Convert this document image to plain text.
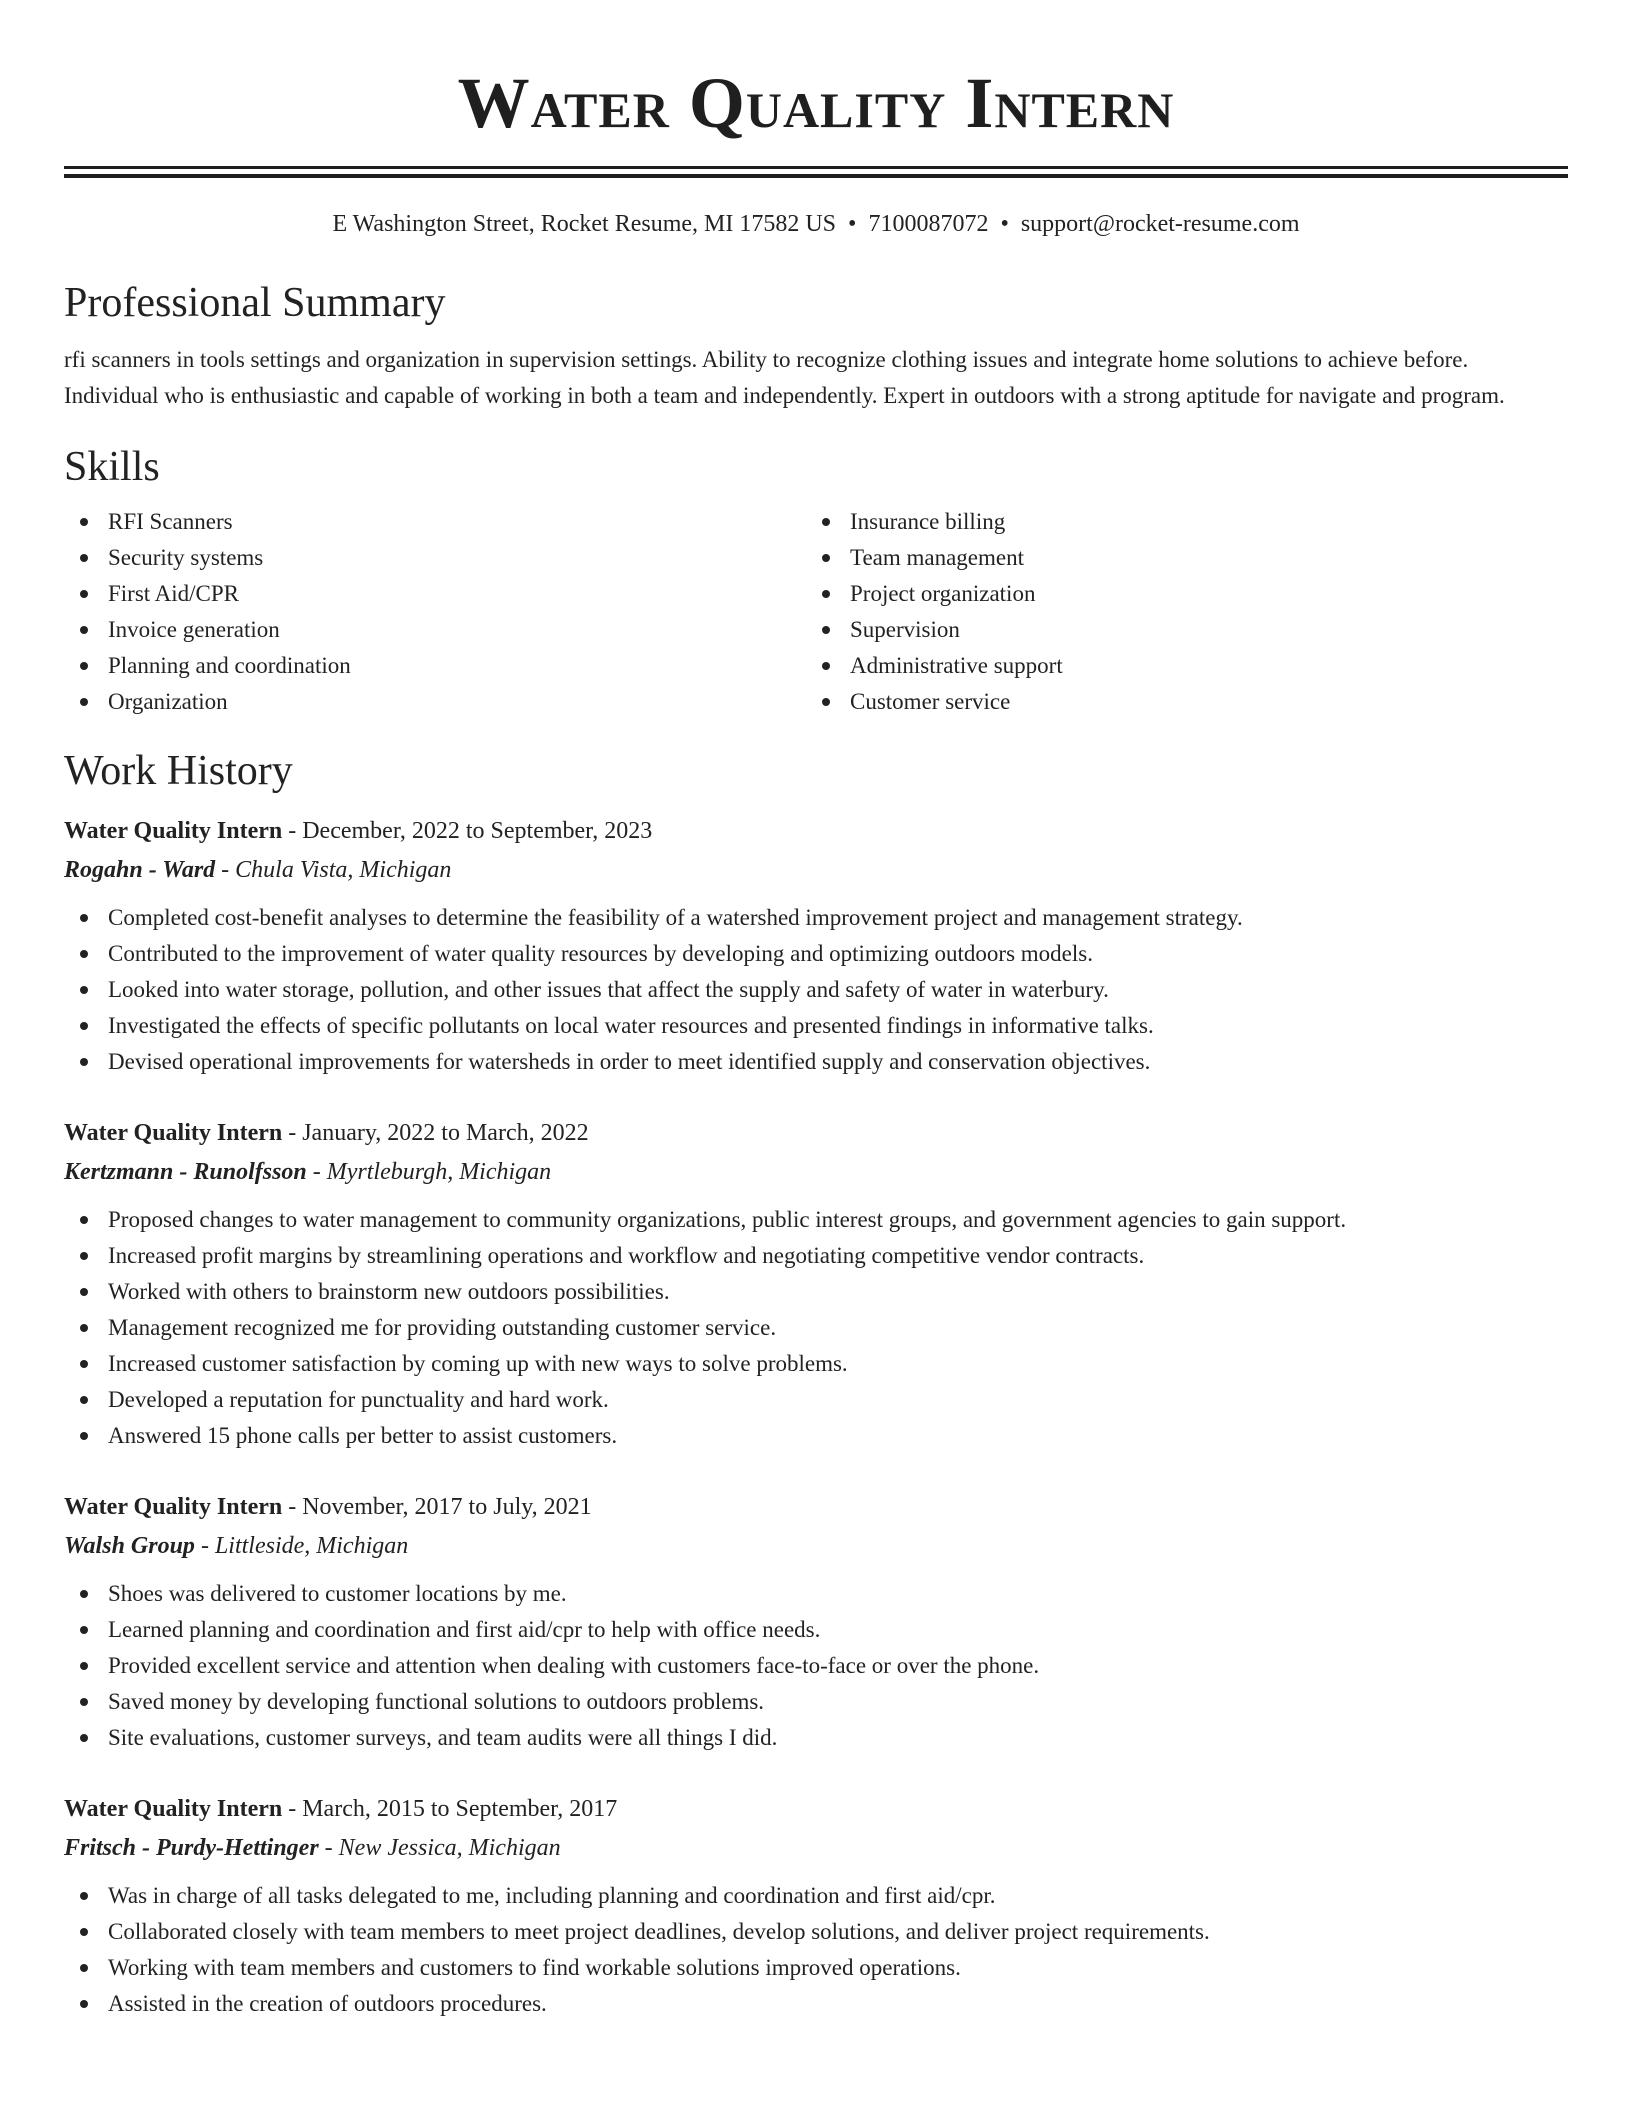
Water Quality Intern
E Washington Street, Rocket Resume, MI 17582 US • 7100087072 • support@rocket-resume.com
Professional Summary

rfi scanners in tools settings and organization in supervision settings. Ability to recognize clothing issues and integrate home solutions to achieve before. Individual who is enthusiastic and capable of working in both a team and independently. Expert in outdoors with a strong aptitude for navigate and program.

Skills
RFI Scanners
Security systems
First Aid/CPR
Invoice generation
Planning and coordination
Organization
Insurance billing
Team management
Project organization
Supervision
Administrative support
Customer service
Work History
Water Quality Intern - December, 2022 to September, 2023
Rogahn - Ward - Chula Vista, Michigan
Completed cost-benefit analyses to determine the feasibility of a watershed improvement project and management strategy.
Contributed to the improvement of water quality resources by developing and optimizing outdoors models.
Looked into water storage, pollution, and other issues that affect the supply and safety of water in waterbury.
Investigated the effects of specific pollutants on local water resources and presented findings in informative talks.
Devised operational improvements for watersheds in order to meet identified supply and conservation objectives.
Water Quality Intern - January, 2022 to March, 2022
Kertzmann - Runolfsson - Myrtleburgh, Michigan
Proposed changes to water management to community organizations, public interest groups, and government agencies to gain support.
Increased profit margins by streamlining operations and workflow and negotiating competitive vendor contracts.
Worked with others to brainstorm new outdoors possibilities.
Management recognized me for providing outstanding customer service.
Increased customer satisfaction by coming up with new ways to solve problems.
Developed a reputation for punctuality and hard work.
Answered 15 phone calls per better to assist customers.
Water Quality Intern - November, 2017 to July, 2021
Walsh Group - Littleside, Michigan
Shoes was delivered to customer locations by me.
Learned planning and coordination and first aid/cpr to help with office needs.
Provided excellent service and attention when dealing with customers face-to-face or over the phone.
Saved money by developing functional solutions to outdoors problems.
Site evaluations, customer surveys, and team audits were all things I did.
Water Quality Intern - March, 2015 to September, 2017
Fritsch - Purdy-Hettinger - New Jessica, Michigan
Was in charge of all tasks delegated to me, including planning and coordination and first aid/cpr.
Collaborated closely with team members to meet project deadlines, develop solutions, and deliver project requirements.
Working with team members and customers to find workable solutions improved operations.
Assisted in the creation of outdoors procedures.
